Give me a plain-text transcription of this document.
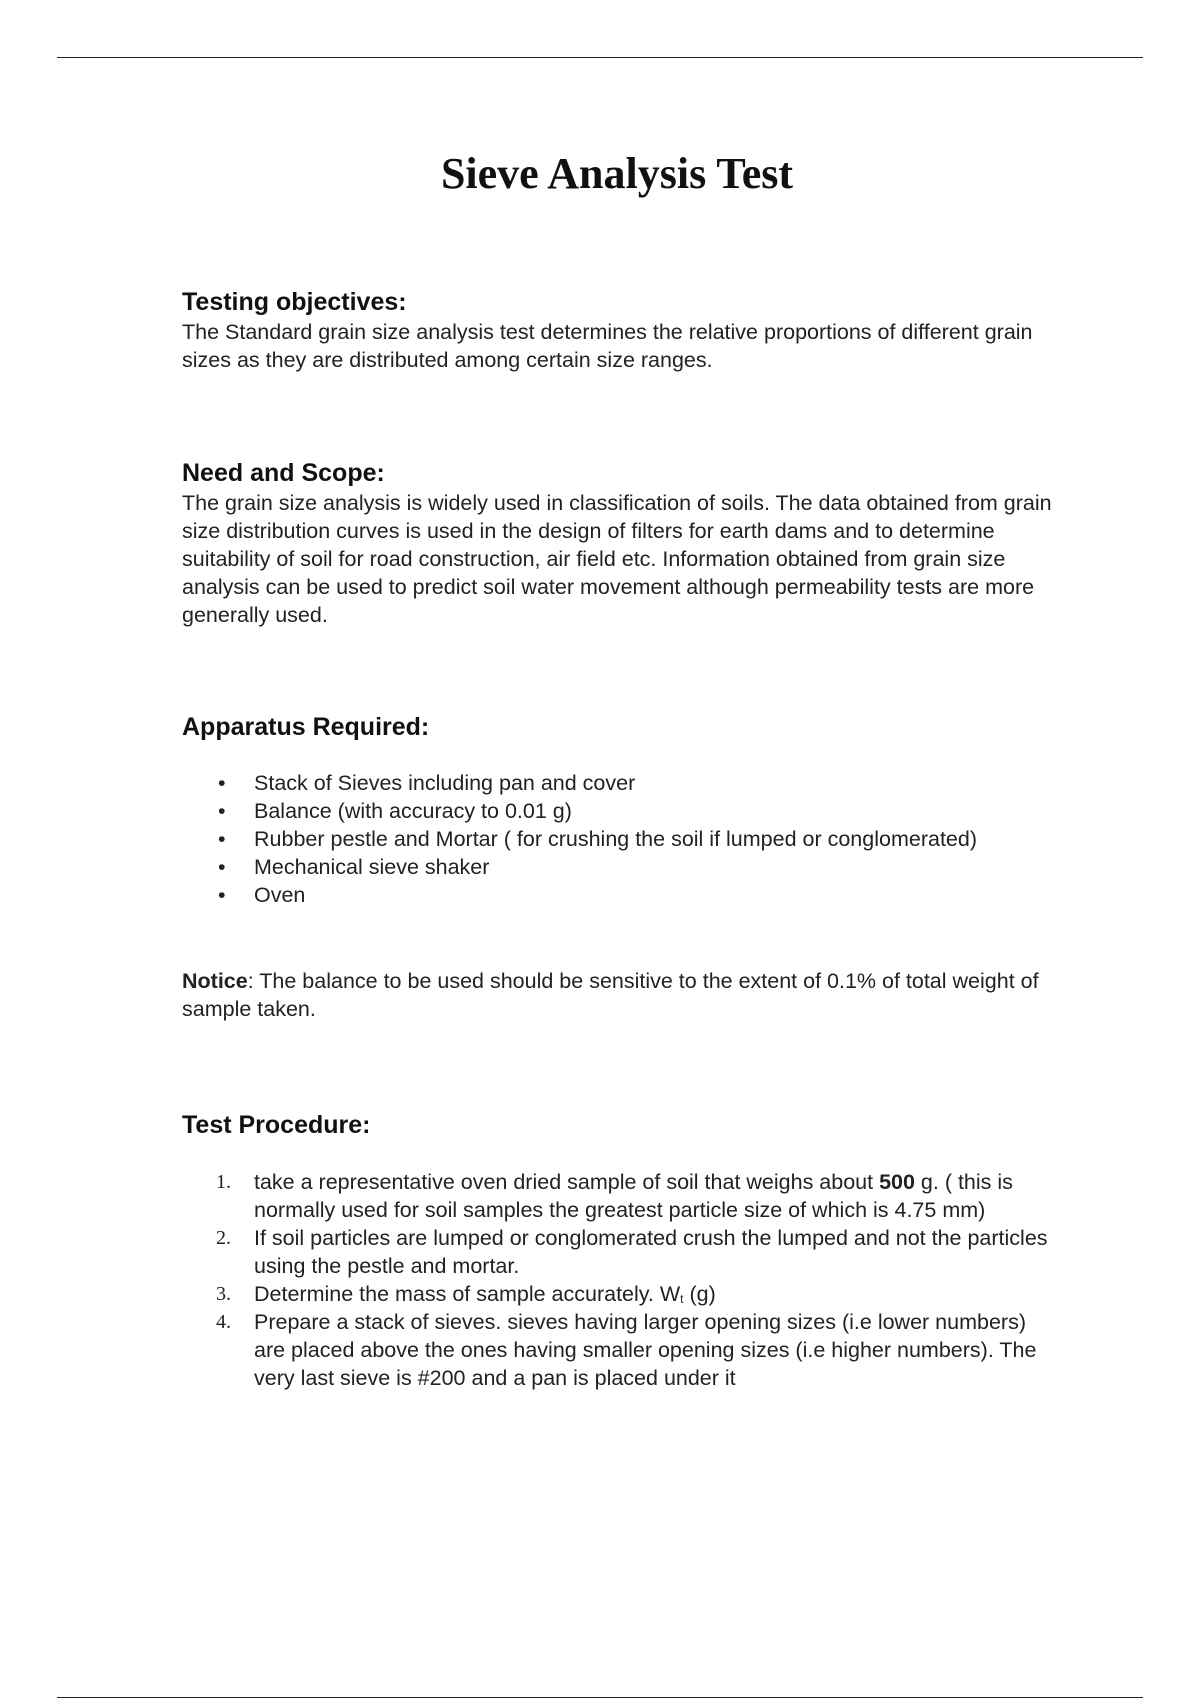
Sieve Analysis Test
Testing objectives:

The Standard grain size analysis test determines the relative proportions of different grain sizes as they are distributed among certain size ranges.

Need and Scope:

The grain size analysis is widely used in classification of soils. The data obtained from grain size distribution curves is used in the design of filters for earth dams and to determine suitability of soil for road construction, air field etc. Information obtained from grain size analysis can be used to predict soil water movement although permeability tests are more generally used.

Apparatus Required:
•	Stack of Sieves including pan and cover
•	Balance (with accuracy to 0.01 g)
•	Rubber pestle and Mortar ( for crushing the soil if lumped or conglomerated)
•	Mechanical sieve shaker
•	Oven

Notice: The balance to be used should be sensitive to the extent of 0.1% of total weight of sample taken.

Test Procedure:
1.	take a representative oven dried sample of soil that weighs about 500 g. ( this is normally used for soil samples the greatest particle size of which is 4.75 mm)
2.	If soil particles are lumped or conglomerated crush the lumped and not the particles using the pestle and mortar.
3.	Determine the mass of sample accurately. $W_t$ (g)
4.	Prepare a stack of sieves. sieves having larger opening sizes (i.e lower numbers) are placed above the ones having smaller opening sizes (i.e higher numbers). The very last sieve is #200 and a pan is placed under it
